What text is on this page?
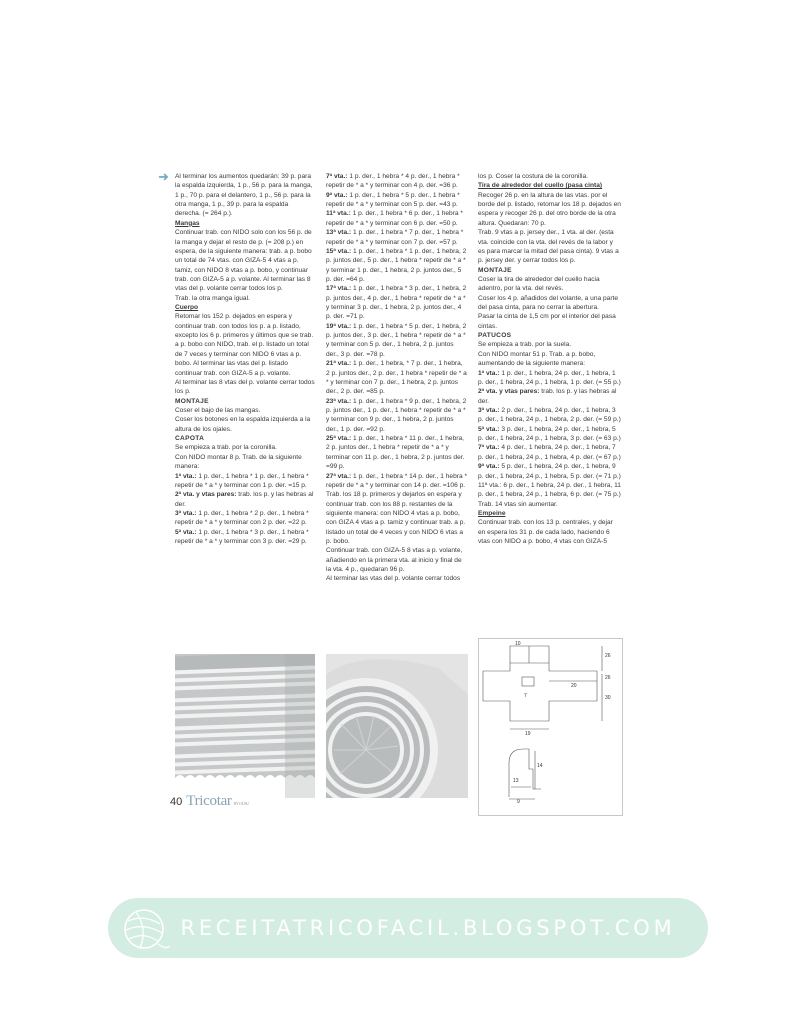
➜ Al terminar los aumentos quedarán: 39 p. para la espalda izquierda, 1 p., 56 p. para la manga, 1 p., 70 p. para el delantero, 1 p., 56 p. para la otra manga, 1 p., 39 p. para la espalda derecha. (= 264 p.).

Mangas

Continuar trab. con NIDO solo con los 56 p. de la manga y dejar el resto de p. (= 208 p.) en espera, de la siguiente manera: trab. a p. bobo un total de 74 vtas. con GIZA-5 4 vtas a p. tamiz, con NIDO 8 vtas a p. bobo, y continuar trab. con GIZA-5 a p. volante. Al terminar las 8 vtas del p. volante cerrar todos los p.

Trab. la otra manga igual.

Cuerpo

Retomar los 152 p. dejados en espera y continuar trab. con todos los p. a p. listado, excepto los 6 p. primeros y últimos que se trab. a p. bobo con NIDO, trab. el p. listado un total de 7 veces y terminar con NIDO 6 vtas a p. bobo. Al terminar las vtas del p. listado continuar trab. con GIZA-5 a p. volante.

Al terminar las 8 vtas del p. volante cerrar todos los p.

MONTAJE

Coser el bajo de las mangas.

Coser los botones en la espalda izquierda a la altura de los ojales.

CAPOTA

Se empieza a trab. por la coronilla.

Con NIDO montar 8 p. Trab. de la siguiente manera:

1ª vta.: 1 p. der., 1 hebra * 1 p. der., 1 hebra * repetir de * a * y terminar con 1 p. der. =15 p.

2ª vta. y vtas pares: trab. los p. y las hebras al der.

3ª vta.: 1 p. der., 1 hebra * 2 p. der., 1 hebra * repetir de * a * y terminar con 2 p. der. =22 p.

5ª vta.: 1 p. der., 1 hebra * 3 p. der., 1 hebra * repetir de * a * y terminar con 3 p. der. =29 p.

7ª vta.: 1 p. der., 1 hebra * 4 p. der., 1 hebra * repetir de * a * y terminar con 4 p. der. =36 p.

9ª vta.: 1 p. der., 1 hebra * 5 p. der., 1 hebra * repetir de * a * y terminar con 5 p. der. =43 p.

11ª vta.: 1 p. der., 1 hebra * 6 p. der., 1 hebra * repetir de * a * y terminar con 6 p. der. =50 p.

13ª vta.: 1 p. der., 1 hebra * 7 p. der., 1 hebra * repetir de * a * y terminar con 7 p. der. =57 p.

15ª vta.: 1 p. der., 1 hebra * 1 p. der., 1 hebra, 2 p. juntos der., 5 p. der., 1 hebra * repetir de * a * y terminar 1 p. der., 1 hebra, 2 p. juntos der., 5 p. der. =64 p.

17ª vta.: 1 p. der., 1 hebra * 3 p. der., 1 hebra, 2 p. juntos der., 4 p. der., 1 hebra * repetir de * a * y terminar 3 p. der., 1 hebra, 2 p. juntos der., 4 p. der. =71 p.

19ª vta.: 1 p. der., 1 hebra * 5 p. der., 1 hebra, 2 p. juntos der., 3 p. der., 1 hebra * repetir de * a * y terminar con 5 p. der., 1 hebra, 2 p. juntos der., 3 p. der. =78 p.

21ª vta.: 1 p. der., 1 hebra, * 7 p. der., 1 hebra, 2 p. juntos der., 2 p. der., 1 hebra * repetir de * a * y terminar con 7 p. der., 1 hebra, 2 p. juntos der., 2 p. der. =85 p.

23ª vta.: 1 p. der., 1 hebra * 9 p. der., 1 hebra, 2 p. juntos der., 1 p. der., 1 hebra * repetir de * a * y terminar con 9 p. der., 1 hebra, 2 p. juntos der., 1 p. der. =92 p.

25ª vta.: 1 p. der., 1 hebra * 11 p. der., 1 hebra, 2 p. juntos der., 1 hebra * repetir de * a * y terminar con 11 p. der., 1 hebra, 2 p. juntos der. =99 p.

27ª vta.: 1 p. der., 1 hebra * 14 p. der., 1 hebra * repetir de * a * y terminar con 14 p. der. =106 p.

Trab. los 18 p. primeros y dejarlos en espera y continuar trab. con los 88 p. restantes de la siguiente manera: con NIDO 4 vtas a p. bobo, con GIZA 4 vtas a p. tamiz y continuar trab. a p. listado un total de 4 veces y con NIDO 6 vtas a p. bobo.

Continuar trab. con GIZA-5 8 vtas a p. volante, añadiendo en la primera vta. al inicio y final de la vta. 4 p., quedaran 96 p.

Al terminar las vtas del p. volante cerrar todos

los p. Coser la costura de la coronilla.

Tira de alrededor del cuello (pasa cinta)

Recoger 26 p. en la altura de las vtas. por el borde del p. listado, retomar los 18 p. dejados en espera y recoger 26 p. del otro borde de la otra altura. Quedaran: 70 p.

Trab. 9 vtas a p. jersey der., 1 vta. al der. (esta vta. coincide con la vta. del revés de la labor y es para marcar la mitad del pasa cinta). 9 vtas a p. jersey der. y cerrar todos los p.

MONTAJE

Coser la tira de alrededor del cuello hacia adentro, por la vta. del revés.

Coser los 4 p. añadidos del volante, a una parte del pasa cinta, para no cerrar la abertura.

Pasar la cinta de 1,5 cm por el interior del pasa cintas.

PATUCOS

Se empieza a trab. por la suela.

Con NIDO montar 51 p. Trab. a p. bobo, aumentando de la siguiente manera:

1ª vta.: 1 p. der., 1 hebra, 24 p. der., 1 hebra, 1 p. der., 1 hebra, 24 p., 1 hebra, 1 p. der. (= 55 p.)

2ª vta. y vtas pares: trab. los p. y las hebras al der.

3ª vta.: 2 p. der., 1 hebra, 24 p. der., 1 hebra, 3 p. der., 1 hebra, 24 p., 1 hebra, 2 p. der. (= 59 p.)

5ª vta.: 3 p. der., 1 hebra, 24 p. der., 1 hebra, 5 p. der., 1 hebra, 24 p., 1 hebra, 3 p. der. (= 63 p.)

7ª vta.: 4 p. der., 1 hebra, 24 p. der., 1 hebra, 7 p. der., 1 hebra, 24 p., 1 hebra, 4 p. der. (= 67 p.)

9ª vta.: 5 p. der., 1 hebra, 24 p. der., 1 hebra, 9 p. der., 1 hebra, 24 p., 1 hebra, 5 p. der. (= 71 p.)

11ª vta.: 6 p. der., 1 hebra, 24 p. der., 1 hebra, 11 p. der., 1 hebra, 24 p., 1 hebra, 6 p. der. (= 75 p.)

Trab. 14 vtas sin aumentar.

Empeine

Continuar trab. con los 13 p. centrales, y dejar en espera los 31 p. de cada lado, haciendo 6 vtas con NIDO a p. bobo, 4 vtas con GIZA-5

10
26
26
30
20
7
19
14
13
9
40 Tricotar BY OUSU
RECEITATRICOFACIL.BLOGSPOT.COM
